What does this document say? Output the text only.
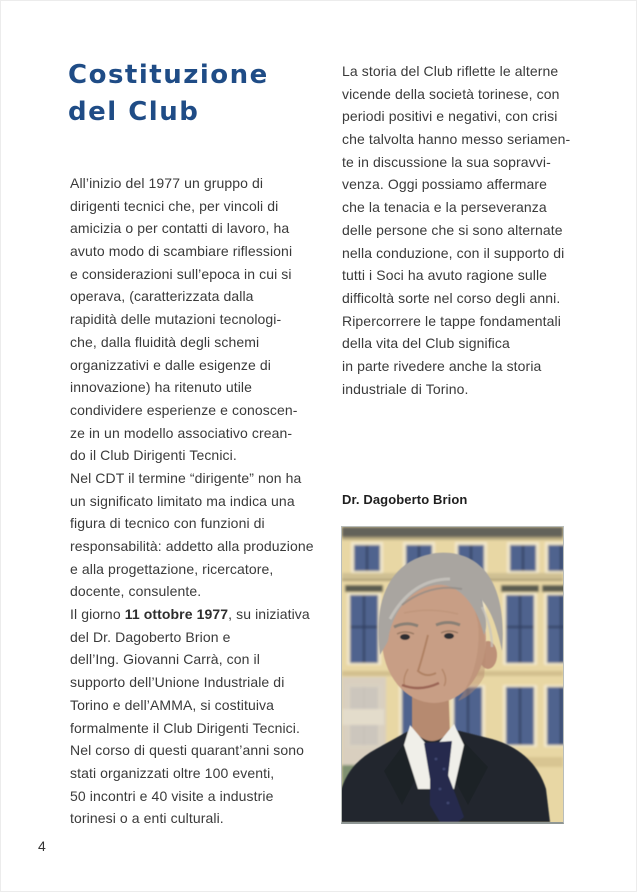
Costituzione
del Club
All’inizio del 1977 un gruppo di
dirigenti tecnici che, per vincoli di
amicizia o per contatti di lavoro, ha
avuto modo di scambiare riflessioni
e considerazioni sull’epoca in cui si
operava, (caratterizzata dalla
rapidità delle mutazioni tecnologi-
che, dalla fluidità degli schemi
organizzativi e dalle esigenze di
innovazione) ha ritenuto utile
condividere esperienze e conoscen-
ze in un modello associativo crean-
do il Club Dirigenti Tecnici.
Nel CDT il termine “dirigente” non ha
un significato limitato ma indica una
figura di tecnico con funzioni di
responsabilità: addetto alla produzione
e alla progettazione, ricercatore,
docente, consulente.
Il giorno 11 ottobre 1977, su iniziativa
del Dr. Dagoberto Brion e
dell’Ing. Giovanni Carrà, con il
supporto dell’Unione Industriale di
Torino e dell’AMMA, si costituiva
formalmente il Club Dirigenti Tecnici.
Nel corso di questi quarant’anni sono
stati organizzati oltre 100 eventi,
50 incontri e 40 visite a industrie
torinesi o a enti culturali.
La storia del Club riflette le alterne
vicende della società torinese, con
periodi positivi e negativi, con crisi
che talvolta hanno messo seriamen-
te in discussione la sua sopravvi-
venza. Oggi possiamo affermare
che la tenacia e la perseveranza
delle persone che si sono alternate
nella conduzione, con il supporto di
tutti i Soci ha avuto ragione sulle
difficoltà sorte nel corso degli anni.
Ripercorrere le tappe fondamentali
della vita del Club significa
in parte rivedere anche la storia
industriale di Torino.
Dr. Dagoberto Brion
4
